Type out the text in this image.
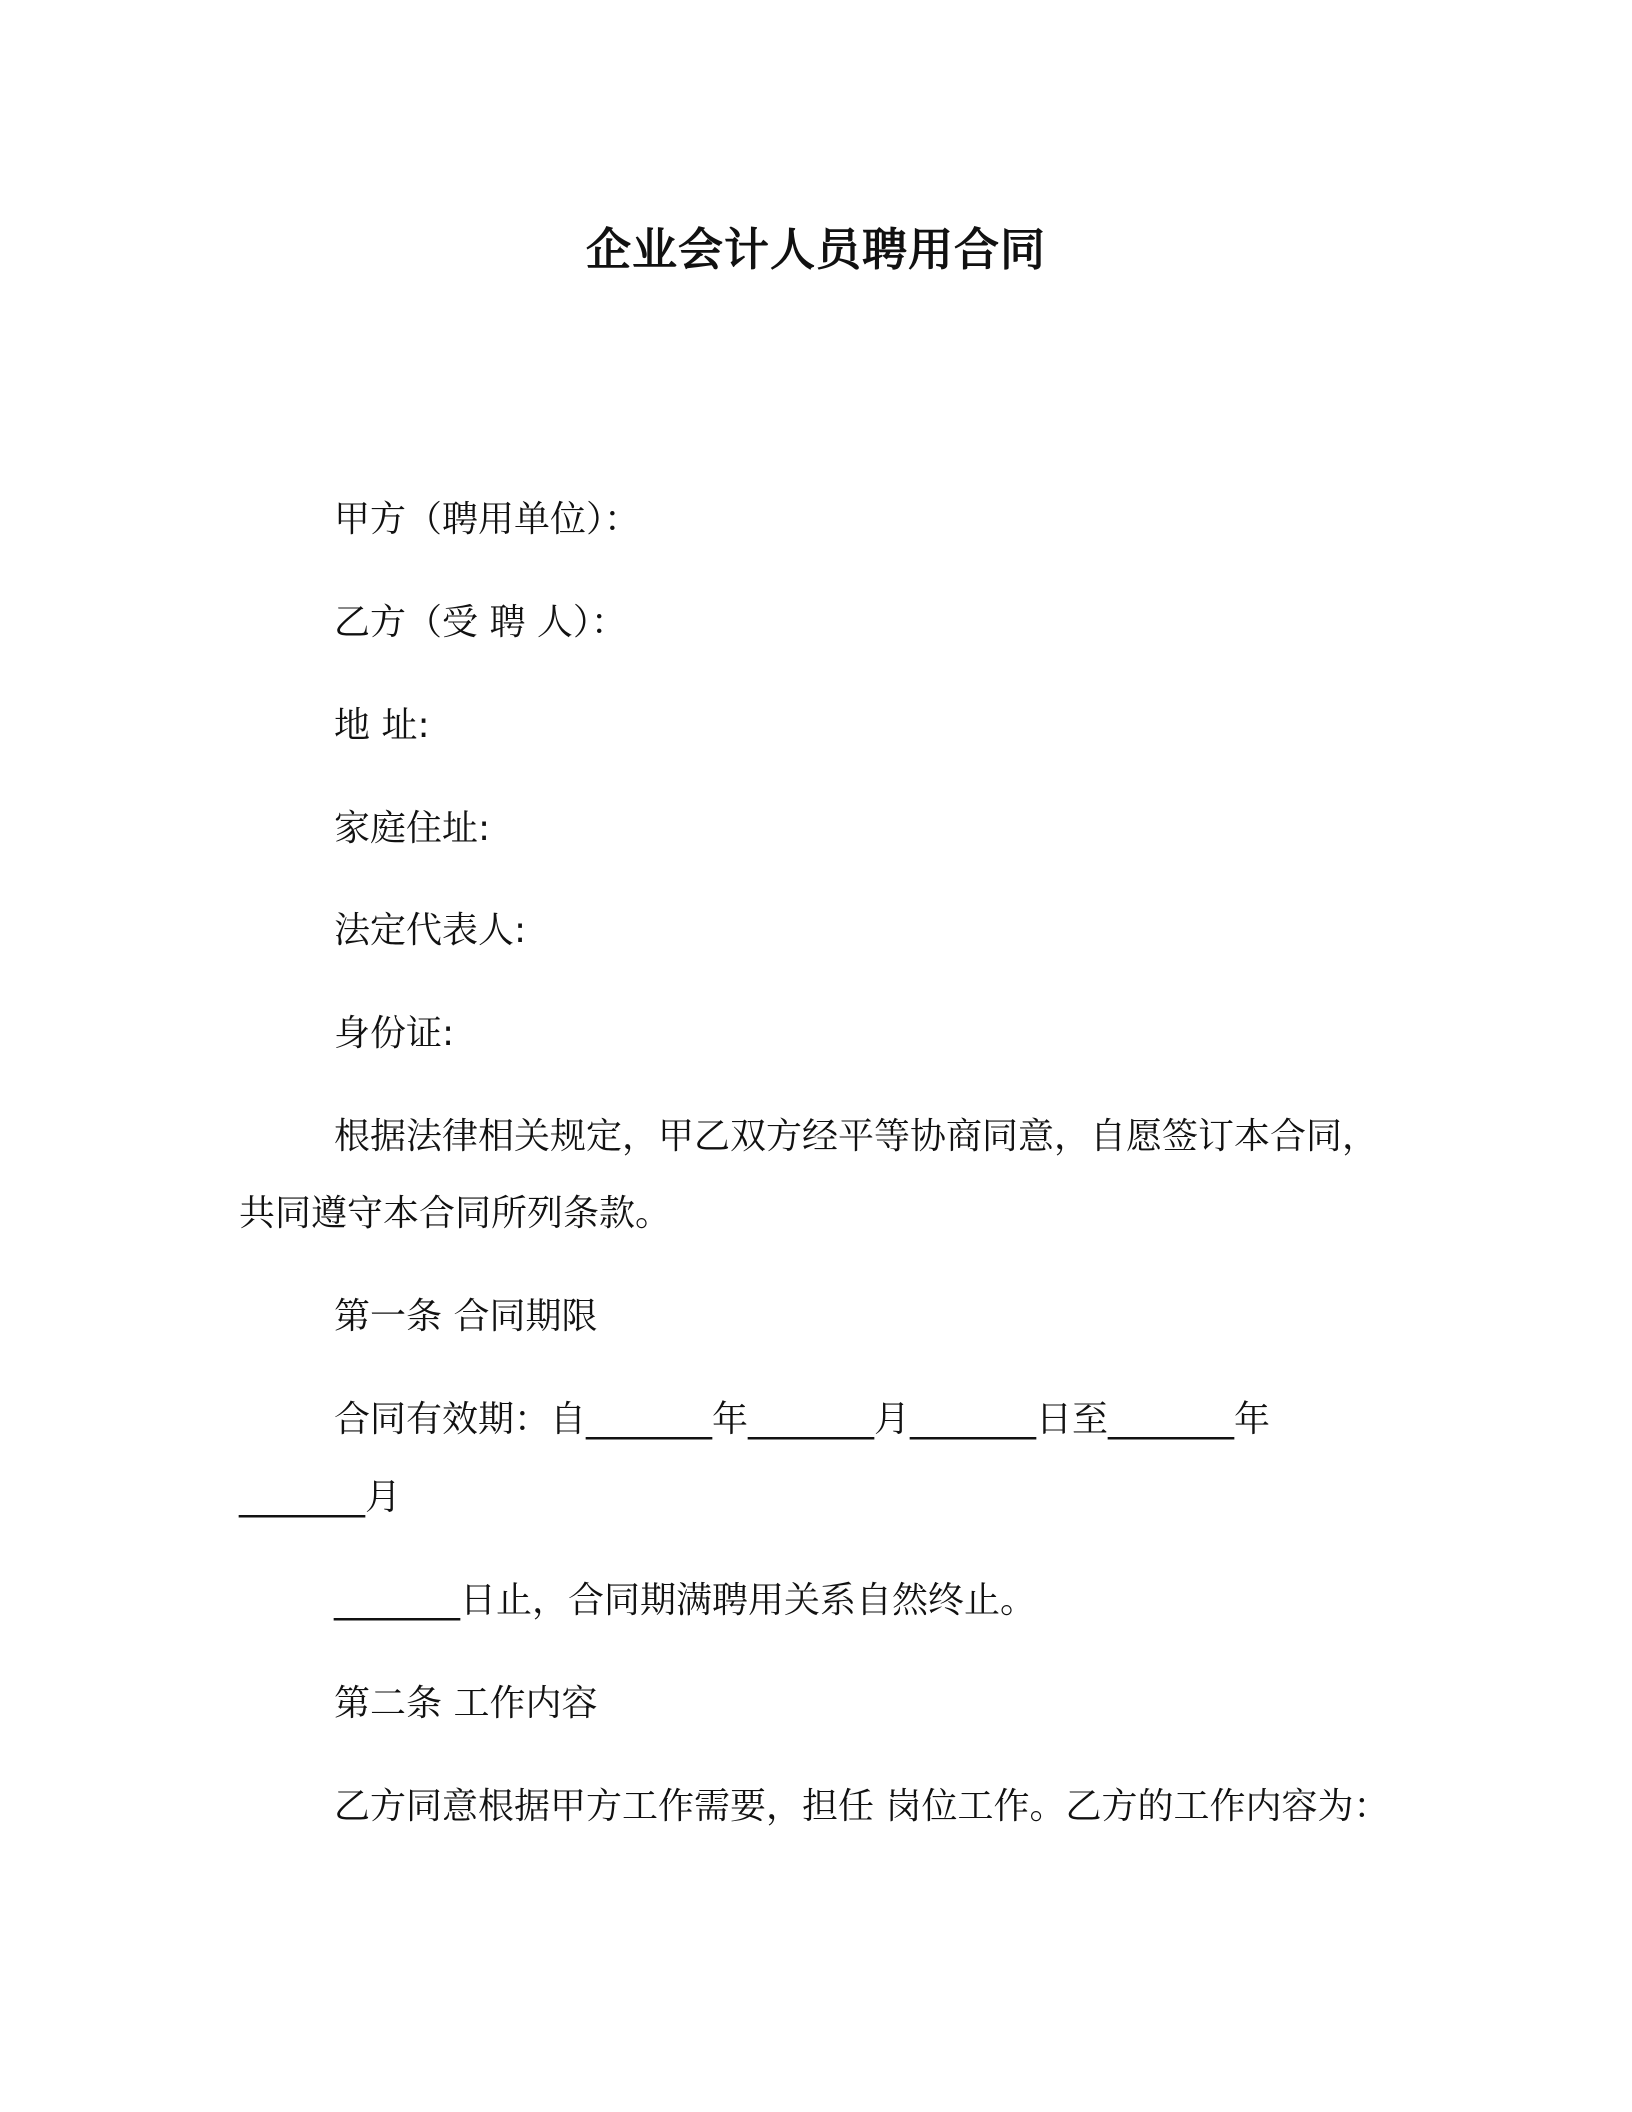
企业会计人员聘用合同
甲方（聘用单位）：
乙方（受 聘 人）：
地 址:
家庭住址:
法定代表人:
身份证:
根据法律相关规定，甲乙双方经平等协商同意，自愿签订本合同，
共同遵守本合同所列条款。
第一条 合同期限
合同有效期：自_______年_______月_______日至_______年
_______月
_______日止，合同期满聘用关系自然终止。
第二条 工作内容
乙方同意根据甲方工作需要，担任 岗位工作。乙方的工作内容为：
